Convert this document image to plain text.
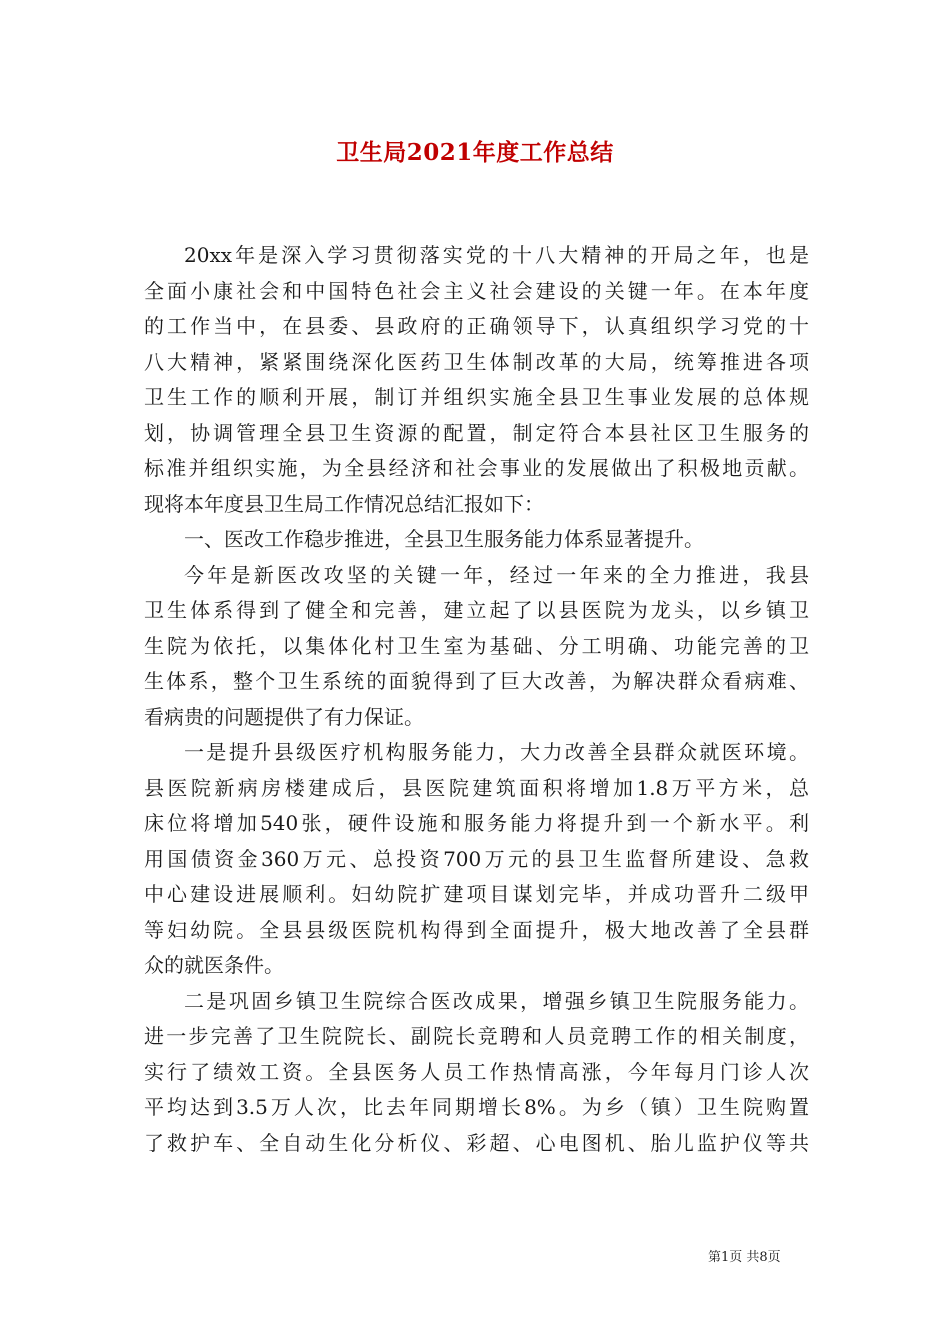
卫生局2021年度工作总结
20xx年是深入学习贯彻落实党的十八大精神的开局之年，也是
全面小康社会和中国特色社会主义社会建设的关键一年。在本年度
的工作当中，在县委、县政府的正确领导下，认真组织学习党的十
八大精神，紧紧围绕深化医药卫生体制改革的大局，统筹推进各项
卫生工作的顺利开展，制订并组织实施全县卫生事业发展的总体规
划，协调管理全县卫生资源的配置，制定符合本县社区卫生服务的
标准并组织实施，为全县经济和社会事业的发展做出了积极地贡献。
现将本年度县卫生局工作情况总结汇报如下：
一、医改工作稳步推进，全县卫生服务能力体系显著提升。
今年是新医改攻坚的关键一年，经过一年来的全力推进，我县
卫生体系得到了健全和完善，建立起了以县医院为龙头，以乡镇卫
生院为依托，以集体化村卫生室为基础、分工明确、功能完善的卫
生体系，整个卫生系统的面貌得到了巨大改善，为解决群众看病难、
看病贵的问题提供了有力保证。
一是提升县级医疗机构服务能力，大力改善全县群众就医环境。
县医院新病房楼建成后，县医院建筑面积将增加1.8万平方米，总
床位将增加540张，硬件设施和服务能力将提升到一个新水平。利
用国债资金360万元、总投资700万元的县卫生监督所建设、急救
中心建设进展顺利。妇幼院扩建项目谋划完毕，并成功晋升二级甲
等妇幼院。全县县级医院机构得到全面提升，极大地改善了全县群
众的就医条件。
二是巩固乡镇卫生院综合医改成果，增强乡镇卫生院服务能力。
进一步完善了卫生院院长、副院长竞聘和人员竞聘工作的相关制度，
实行了绩效工资。全县医务人员工作热情高涨，今年每月门诊人次
平均达到3.5万人次，比去年同期增长8%。为乡（镇）卫生院购置
了救护车、全自动生化分析仪、彩超、心电图机、胎儿监护仪等共
第1页 共8页
